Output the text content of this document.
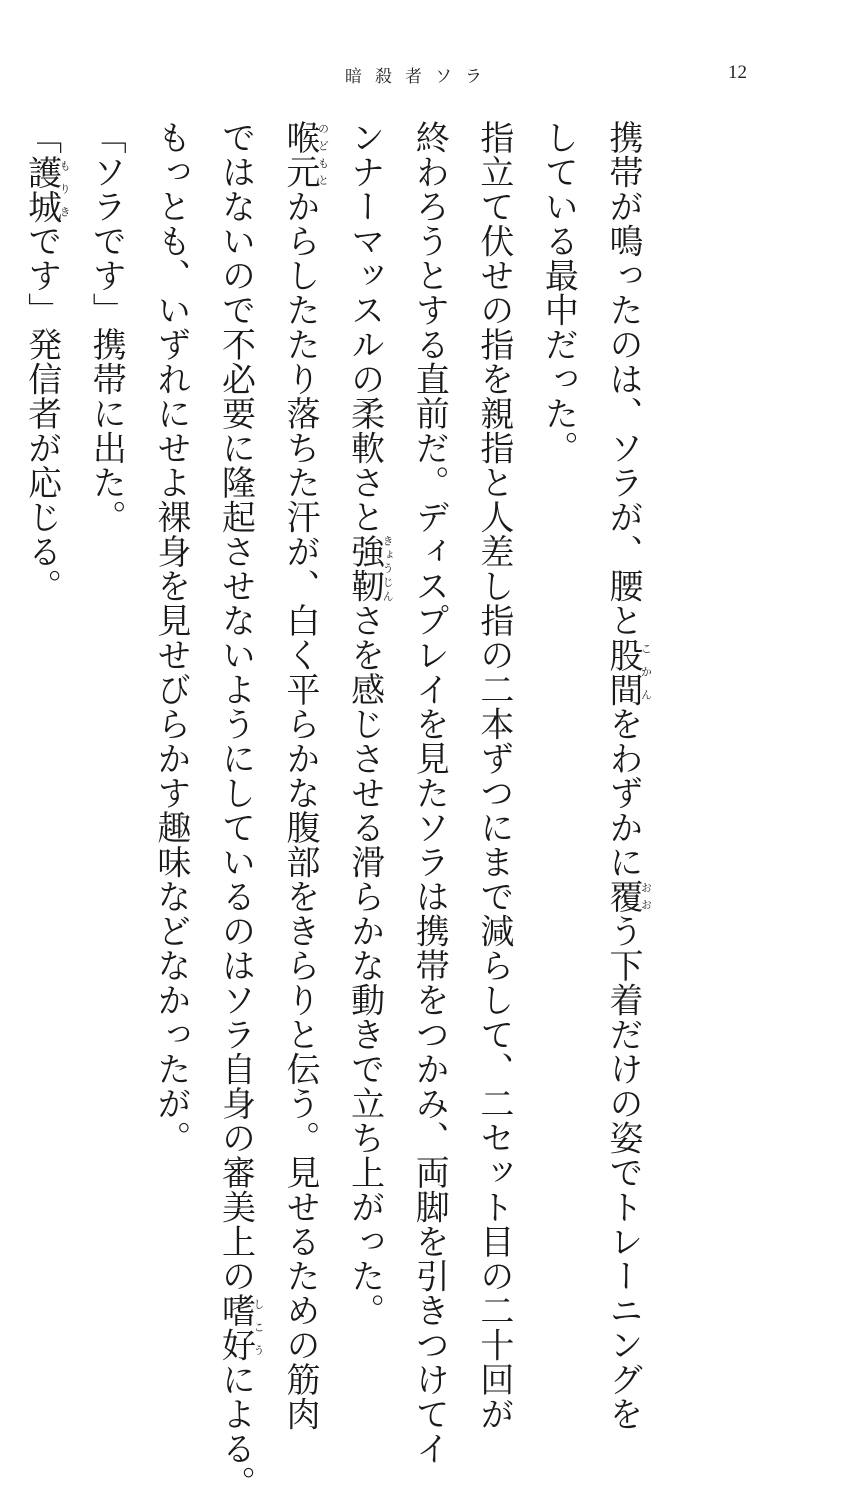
暗殺者ソラ	12
携帯が鳴ったのは、ソラが、腰と股間こかんをわずかに覆おおう下着だけの姿でトレーニングを
している最中だった。
指立て伏せの指を親指と人差し指の二本ずつにまで減らして、二セット目の二十回が
終わろうとする直前だ。ディスプレイを見たソラは携帯をつかみ、両脚を引きつけてイ
ンナーマッスルの柔軟さと強靭きょうじんさを感じさせる滑らかな動きで立ち上がった。
喉元のどもとからしたたり落ちた汗が、白く平らかな腹部をきらりと伝う。見せるための筋肉
ではないので不必要に隆起させないようにしているのはソラ自身の審美上の嗜好しこうによる。
もっとも、いずれにせよ裸身を見せびらかす趣味などなかったが。
「ソラです」携帯に出た。
「護城もりきです」発信者が応じる。
